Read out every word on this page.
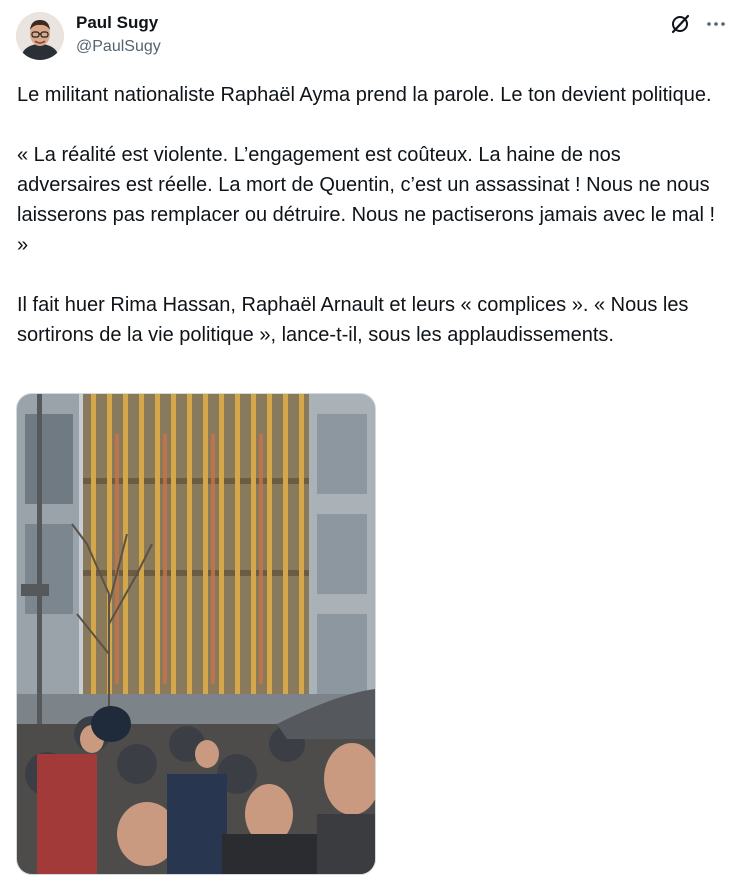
Paul Sugy
@PaulSugy
Le militant nationaliste Raphaël Ayma prend la parole. Le ton devient politique.

« La réalité est violente. L’engagement est coûteux. La haine de nos adversaires est réelle. La mort de Quentin, c’est un assassinat ! Nous ne nous laisserons pas remplacer ou détruire. Nous ne pactiserons jamais avec le mal ! »

Il fait huer Rima Hassan, Raphaël Arnault et leurs « complices ». « Nous les sortirons de la vie politique », lance-t-il, sous les applaudissements.
